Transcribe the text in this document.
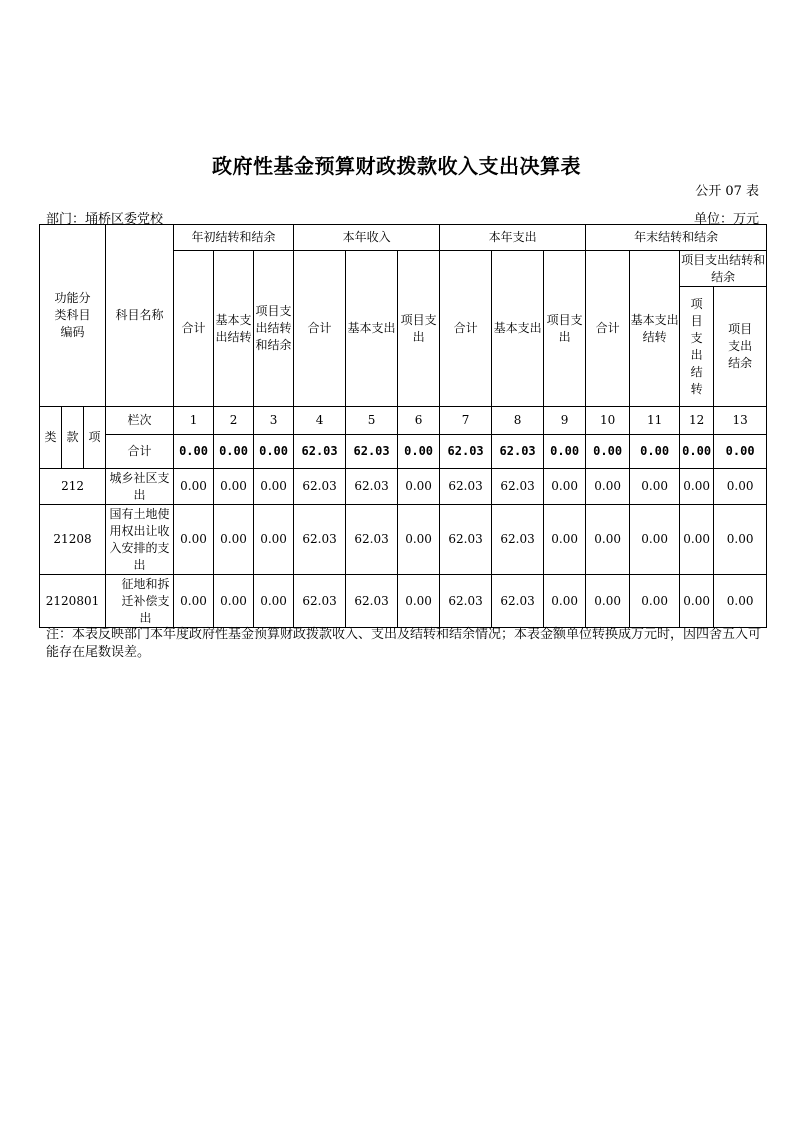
政府性基金预算财政拨款收入支出决算表
公开 07 表
部门：埇桥区委党校	单位：万元
功能分类科目编码			科目名称	年初结转和结余			本年收入			本年支出			年末结转和结余			
				合计	基本支出结转	项目支出结转和结余	合计	基本支出	项目支出	合计	基本支出	项目支出	合计	基本支出结转	项目支出结转和结余	
															项目支出结转	项目支出结余
类	款	项	栏次	1	2	3	4	5	6	7	8	9	10	11	12	13
			合计	0.00	0.00	0.00	62.03	62.03	0.00	62.03	62.03	0.00	0.00	0.00	0.00	0.00
212			城乡社区支出	0.00	0.00	0.00	62.03	62.03	0.00	62.03	62.03	0.00	0.00	0.00	0.00	0.00
21208			国有土地使用权出让收入安排的支出	0.00	0.00	0.00	62.03	62.03	0.00	62.03	62.03	0.00	0.00	0.00	0.00	0.00
2120801			征地和拆迁补偿支出	0.00	0.00	0.00	62.03	62.03	0.00	62.03	62.03	0.00	0.00	0.00	0.00	0.00
注：本表反映部门本年度政府性基金预算财政拨款收入、支出及结转和结余情况；本表金额单位转换成万元时，因四舍五入可能存在尾数误差。
